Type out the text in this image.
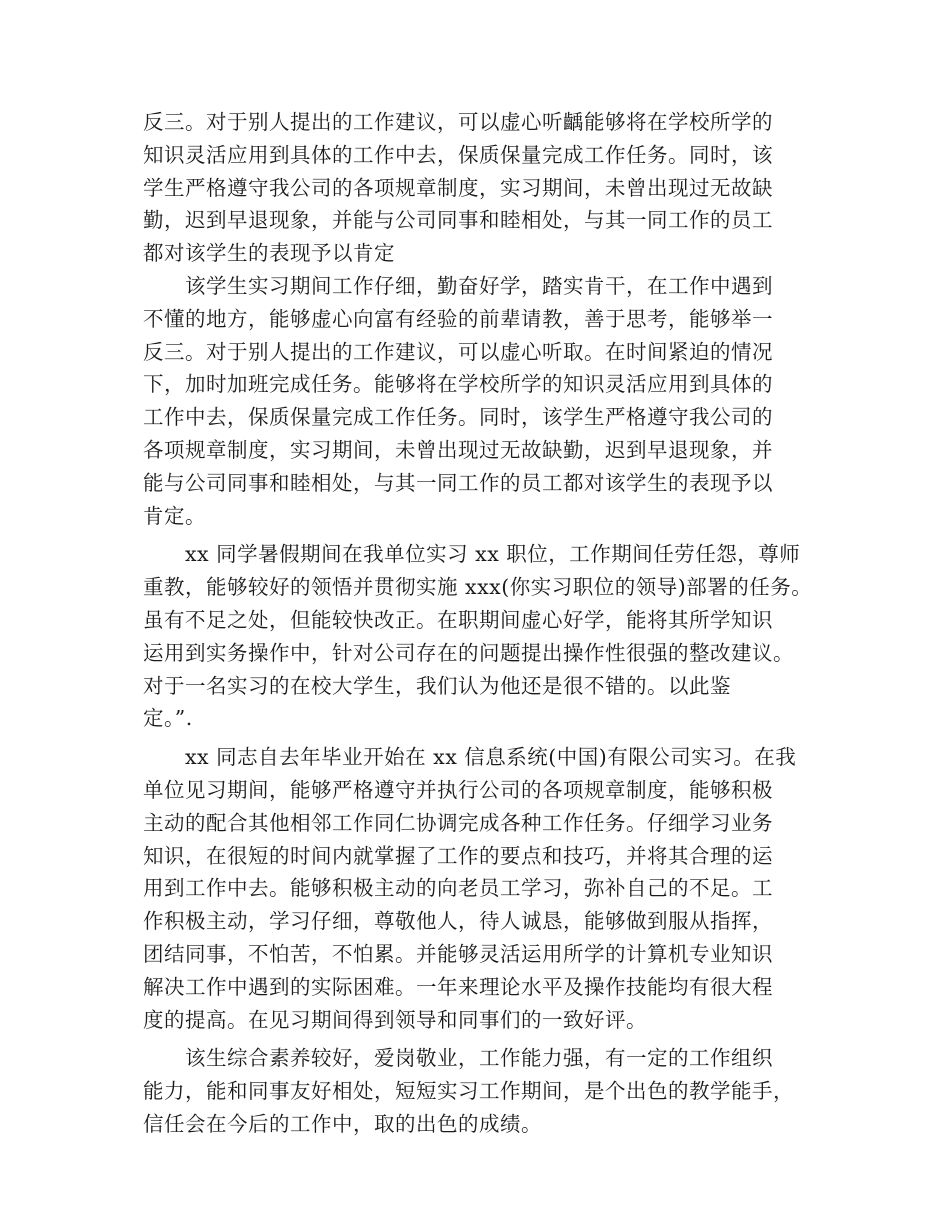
反三。对于别人提出的工作建议，可以虚心听齲能够将在学校所学的
知识灵活应用到具体的工作中去，保质保量完成工作任务。同时，该
学生严格遵守我公司的各项规章制度，实习期间，未曾出现过无故缺
勤，迟到早退现象，并能与公司同事和睦相处，与其一同工作的员工
都对该学生的表现予以肯定
该学生实习期间工作仔细，勤奋好学，踏实肯干，在工作中遇到
不懂的地方，能够虚心向富有经验的前辈请教，善于思考，能够举一
反三。对于别人提出的工作建议，可以虚心听取。在时间紧迫的情况
下，加时加班完成任务。能够将在学校所学的知识灵活应用到具体的
工作中去，保质保量完成工作任务。同时，该学生严格遵守我公司的
各项规章制度，实习期间，未曾出现过无故缺勤，迟到早退现象，并
能与公司同事和睦相处，与其一同工作的员工都对该学生的表现予以
肯定。
xx 同学暑假期间在我单位实习 xx 职位，工作期间任劳任怨，尊师
重教，能够较好的领悟并贯彻实施 xxx(你实习职位的领导)部署的任务。
虽有不足之处，但能较快改正。在职期间虚心好学，能将其所学知识
运用到实务操作中，针对公司存在的问题提出操作性很强的整改建议。
对于一名实习的在校大学生，我们认为他还是很不错的。以此鉴
定。”.
xx 同志自去年毕业开始在 xx 信息系统(中国)有限公司实习。在我
单位见习期间，能够严格遵守并执行公司的各项规章制度，能够积极
主动的配合其他相邻工作同仁协调完成各种工作任务。仔细学习业务
知识，在很短的时间内就掌握了工作的要点和技巧，并将其合理的运
用到工作中去。能够积极主动的向老员工学习，弥补自己的不足。工
作积极主动，学习仔细，尊敬他人，待人诚恳，能够做到服从指挥，
团结同事，不怕苦，不怕累。并能够灵活运用所学的计算机专业知识
解决工作中遇到的实际困难。一年来理论水平及操作技能均有很大程
度的提高。在见习期间得到领导和同事们的一致好评。
该生综合素养较好，爱岗敬业，工作能力强，有一定的工作组织
能力，能和同事友好相处，短短实习工作期间，是个出色的教学能手，
信任会在今后的工作中，取的出色的成绩。
